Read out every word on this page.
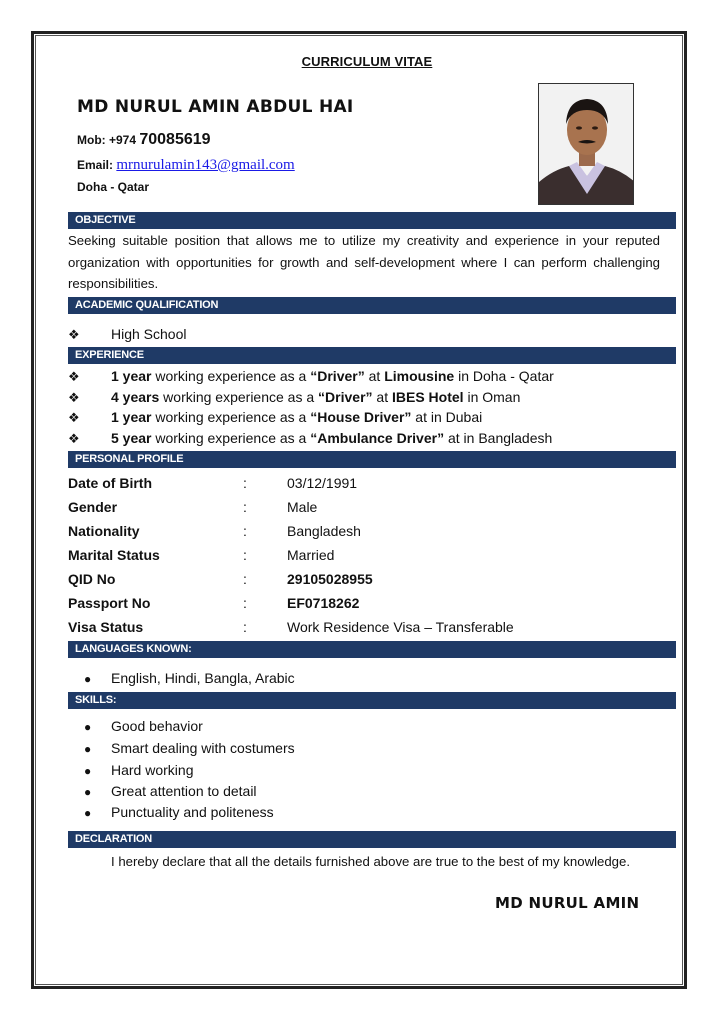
CURRICULUM VITAE
MD NURUL AMIN ABDUL HAI
Mob: +974 70085619
Email: mrnurulamin143@gmail.com
Doha - Qatar
OBJECTIVE
Seeking suitable position that allows me to utilize my creativity and experience in your reputed organization with opportunities for growth and self-development where I can perform challenging responsibilities.
ACADEMIC QUALIFICATION
❖ High School
EXPERIENCE
❖ 1 year working experience as a “Driver” at Limousine in Doha - Qatar
❖ 4 years working experience as a “Driver” at IBES Hotel in Oman
❖ 1 year working experience as a “House Driver” at in Dubai
❖ 5 year working experience as a “Ambulance Driver” at in Bangladesh
PERSONAL PROFILE
Date of Birth	:	03/12/1991
Gender	:	Male
Nationality	:	Bangladesh
Marital Status	:	Married
QID No	:	29105028955
Passport No	:	EF0718262
Visa Status	:	Work Residence Visa – Transferable
LANGUAGES KNOWN:
● English, Hindi, Bangla, Arabic
SKILLS:
● Good behavior
● Smart dealing with costumers
● Hard working
● Great attention to detail
● Punctuality and politeness
DECLARATION
I hereby declare that all the details furnished above are true to the best of my knowledge.
MD NURUL AMIN
